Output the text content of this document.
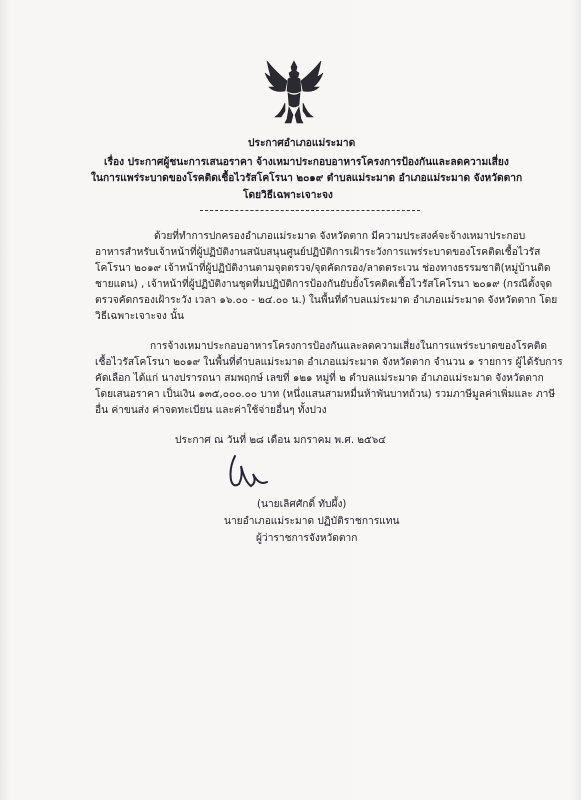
ประกาศอำเภอแม่ระมาด
เรื่อง ประกาศผู้ชนะการเสนอราคา จ้างเหมาประกอบอาหารโครงการป้องกันและลดความเสี่ยง
ในการแพร่ระบาดของโรคติดเชื้อไวรัสโคโรนา ๒๐๑๙ ตำบลแม่ระมาด อำเภอแม่ระมาด จังหวัดตาก
โดยวิธีเฉพาะเจาะจง
ด้วยที่ทำการปกครองอำเภอแม่ระมาด จังหวัดตาก มีความประสงค์จะจ้างเหมาประกอบ
อาหารสำหรับเจ้าหน้าที่ผู้ปฏิบัติงานสนับสนุนศูนย์ปฏิบัติการเฝ้าระวังการแพร่ระบาดของโรคติดเชื้อไวรัส
โคโรนา ๒๐๑๙ เจ้าหน้าที่ผู้ปฏิบัติงานตามจุดตรวจ/จุดคัดกรอง/ลาดตระเวน ช่องทางธรรมชาติ(หมู่บ้านติด
ชายแดน) , เจ้าหน้าที่ผู้ปฏิบัติงานชุดที่มปฏิบัติการป้องกันยับยั้งโรคติดเชื้อไวรัสโคโรนา ๒๐๑๙ (กรณีตั้งจุด
ตรวจคัดกรองเฝ้าระวัง เวลา ๑๖.๐๐ - ๒๔.๐๐ น.) ในพื้นที่ตำบลแม่ระมาด อำเภอแม่ระมาด จังหวัดตาก โดย
วิธีเฉพาะเจาะจง นั้น
การจ้างเหมาประกอบอาหารโครงการป้องกันและลดความเสี่ยงในการแพร่ระบาดของโรคติด
เชื้อไวรัสโคโรนา ๒๐๑๙ ในพื้นที่ตำบลแม่ระมาด อำเภอแม่ระมาด จังหวัดตาก จำนวน ๑ รายการ ผู้ได้รับการ
คัดเลือก ได้แก่ นางปรารถนา สมพฤกษ์ เลขที่ ๑๒๑ หมู่ที่ ๒ ตำบลแม่ระมาด อำเภอแม่ระมาด จังหวัดตาก
โดยเสนอราคา เป็นเงิน ๑๓๕,๐๐๐.๐๐ บาท (หนึ่งแสนสามหมื่นห้าพันบาทถ้วน) รวมภาษีมูลค่าเพิ่มและ ภาษี
อื่น ค่าขนส่ง ค่าจดทะเบียน และค่าใช้จ่ายอื่นๆ ทั้งปวง
ประกาศ ณ วันที่ ๒๘ เดือน มกราคม พ.ศ. ๒๕๖๔
(นายเลิศศักดิ์ ทับผึ้ง)
นายอำเภอแม่ระมาด ปฏิบัติราชการแทน
ผู้ว่าราชการจังหวัดตาก
